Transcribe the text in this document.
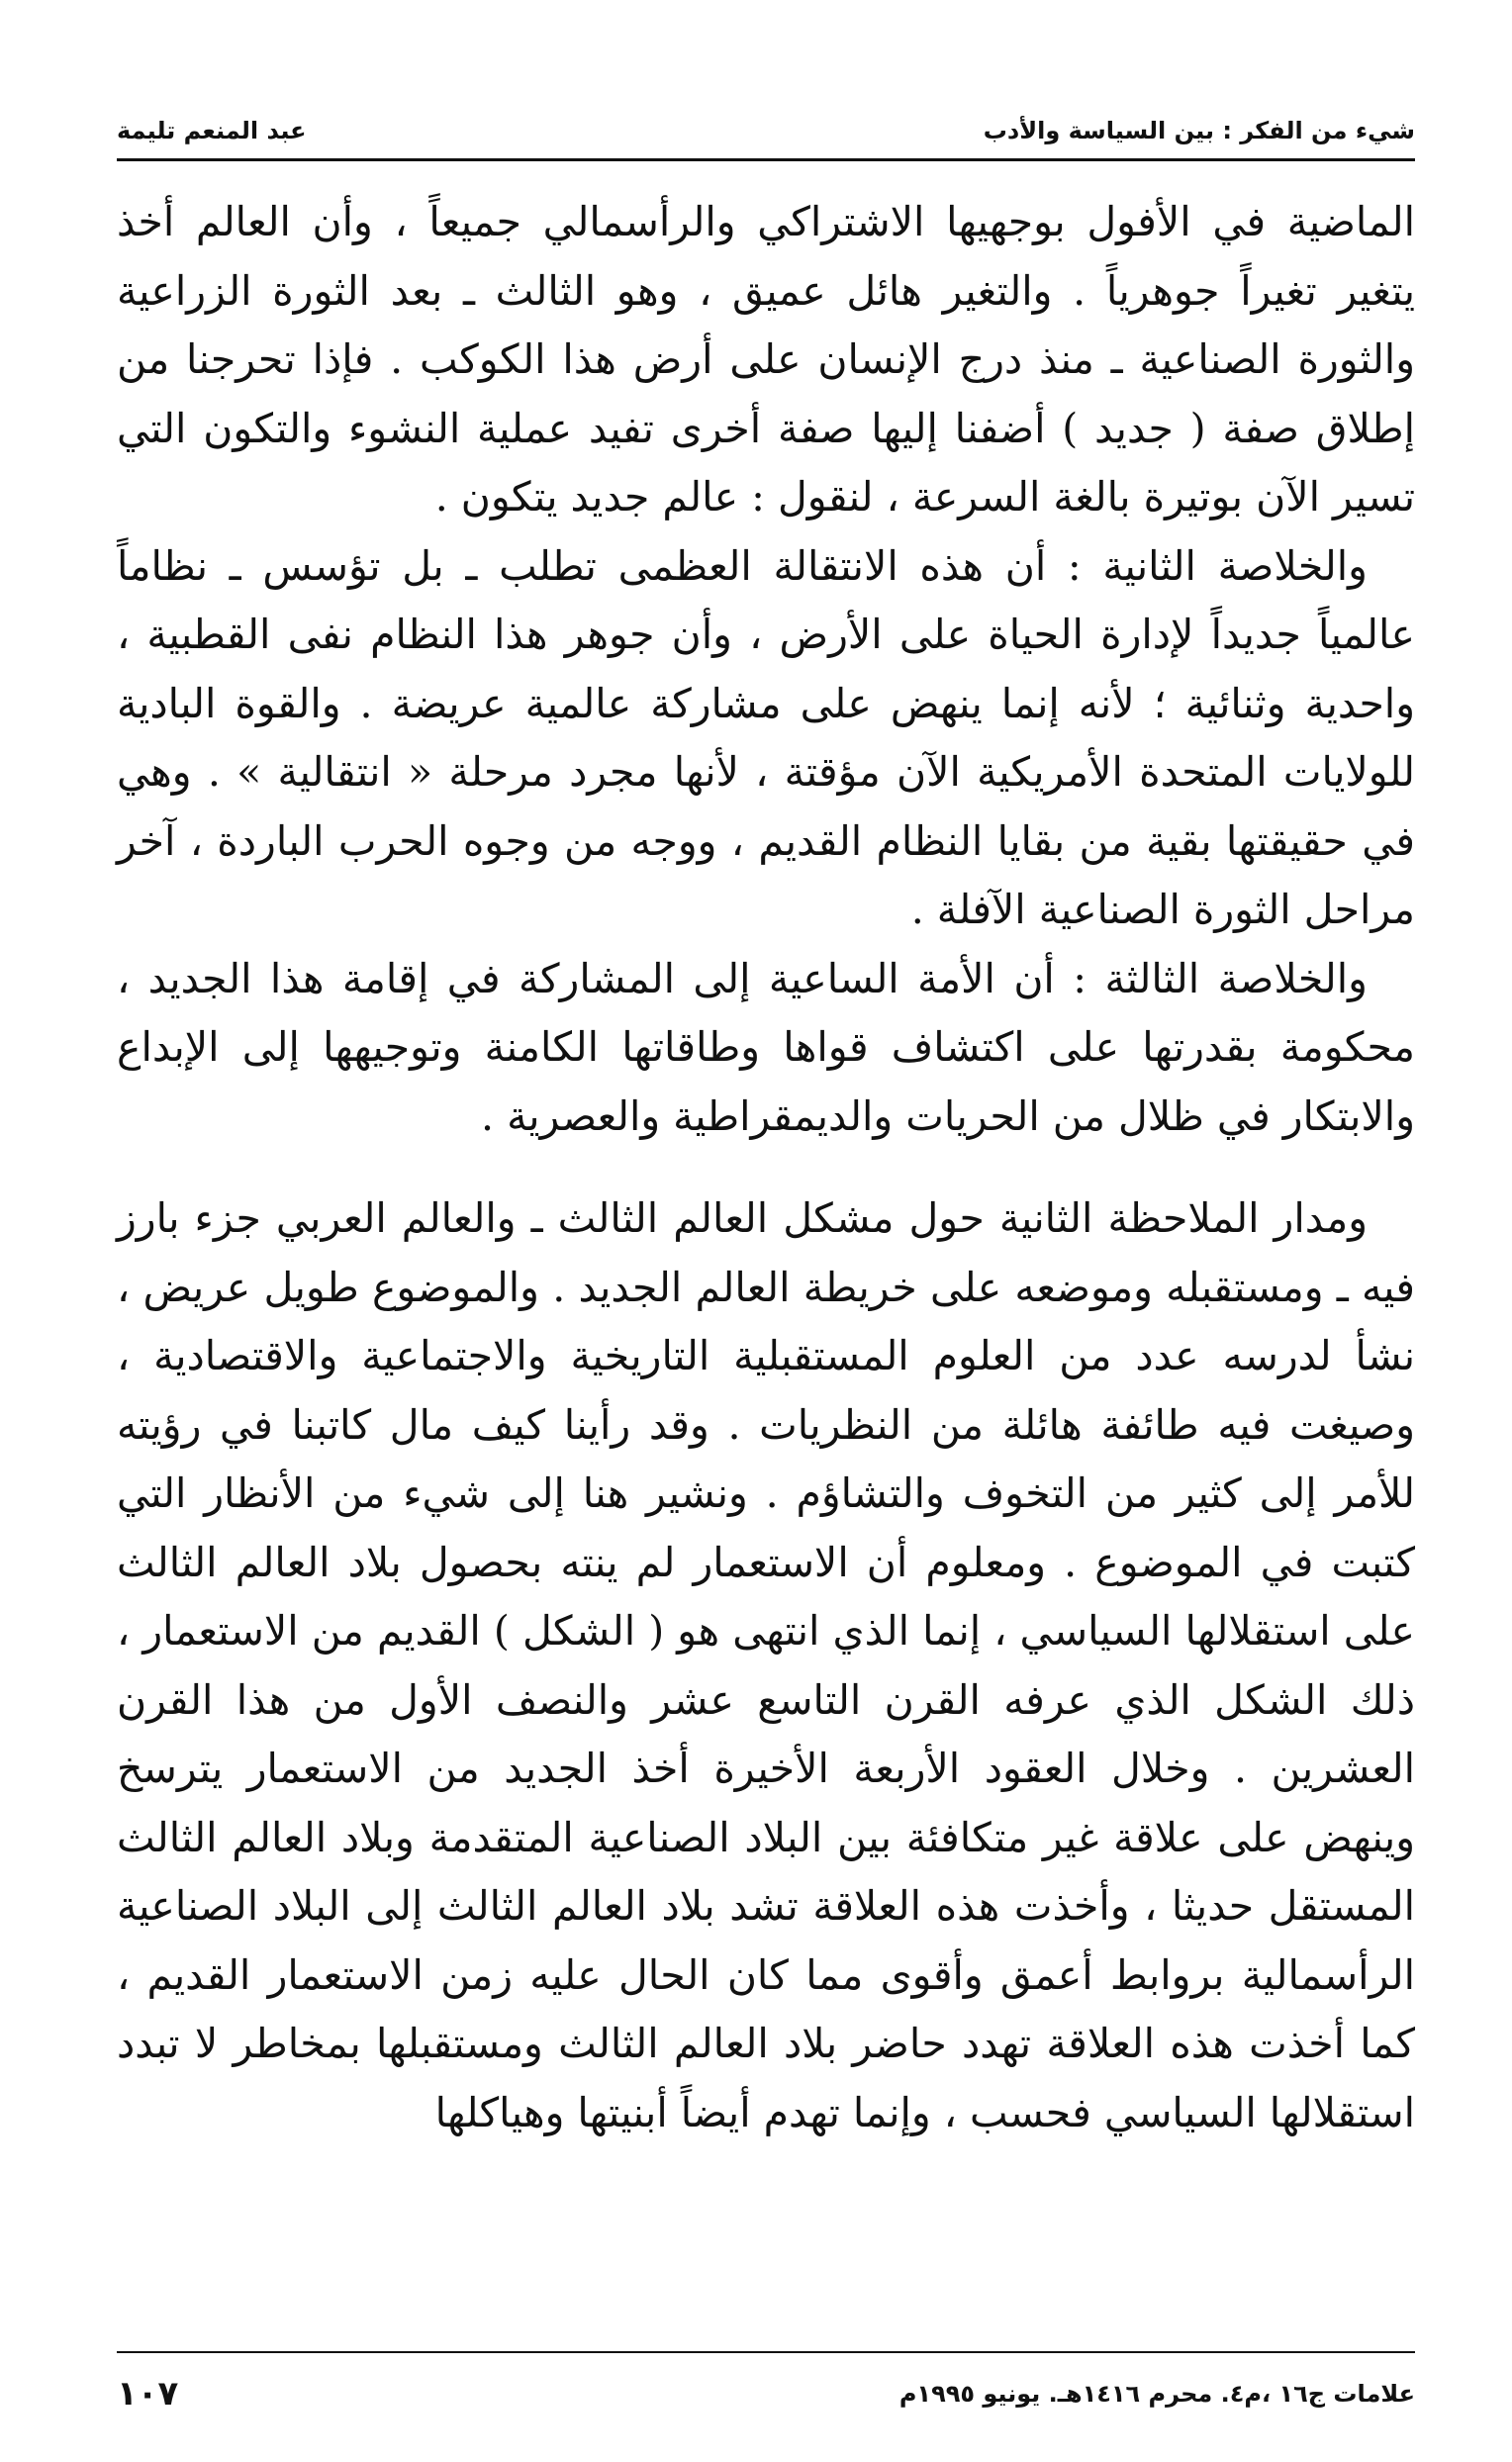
شيء من الفكر : بين السياسة والأدب
عبد المنعم تليمة

الماضية في الأفول بوجهيها الاشتراكي والرأسمالي جميعاً ، وأن العالم أخذ يتغير تغيراً جوهرياً . والتغير هائل عميق ، وهو الثالث ـ بعد الثورة الزراعية والثورة الصناعية ـ منذ درج الإنسان على أرض هذا الكوكب . فإذا تحرجنا من إطلاق صفة ( جديد ) أضفنا إليها صفة أخرى تفيد عملية النشوء والتكون التي تسير الآن بوتيرة بالغة السرعة ، لنقول : عالم جديد يتكون .

والخلاصة الثانية : أن هذه الانتقالة العظمى تطلب ـ بل تؤسس ـ نظاماً عالمياً جديداً لإدارة الحياة على الأرض ، وأن جوهر هذا النظام نفى القطبية ، واحدية وثنائية ؛ لأنه إنما ينهض على مشاركة عالمية عريضة . والقوة البادية للولايات المتحدة الأمريكية الآن مؤقتة ، لأنها مجرد مرحلة « انتقالية » . وهي في حقيقتها بقية من بقايا النظام القديم ، ووجه من وجوه الحرب الباردة ، آخر مراحل الثورة الصناعية الآفلة .

والخلاصة الثالثة : أن الأمة الساعية إلى المشاركة في إقامة هذا الجديد ، محكومة بقدرتها على اكتشاف قواها وطاقاتها الكامنة وتوجيهها إلى الإبداع والابتكار في ظلال من الحريات والديمقراطية والعصرية .

ومدار الملاحظة الثانية حول مشكل العالم الثالث ـ والعالم العربي جزء بارز فيه ـ ومستقبله وموضعه على خريطة العالم الجديد . والموضوع طويل عريض ، نشأ لدرسه عدد من العلوم المستقبلية التاريخية والاجتماعية والاقتصادية ، وصيغت فيه طائفة هائلة من النظريات . وقد رأينا كيف مال كاتبنا في رؤيته للأمر إلى كثير من التخوف والتشاؤم . ونشير هنا إلى شيء من الأنظار التي كتبت في الموضوع . ومعلوم أن الاستعمار لم ينته بحصول بلاد العالم الثالث على استقلالها السياسي ، إنما الذي انتهى هو ( الشكل ) القديم من الاستعمار ، ذلك الشكل الذي عرفه القرن التاسع عشر والنصف الأول من هذا القرن العشرين . وخلال العقود الأربعة الأخيرة أخذ الجديد من الاستعمار يترسخ وينهض على علاقة غير متكافئة بين البلاد الصناعية المتقدمة وبلاد العالم الثالث المستقل حديثا ، وأخذت هذه العلاقة تشد بلاد العالم الثالث إلى البلاد الصناعية الرأسمالية بروابط أعمق وأقوى مما كان الحال عليه زمن الاستعمار القديم ، كما أخذت هذه العلاقة تهدد حاضر بلاد العالم الثالث ومستقبلها بمخاطر لا تبدد استقلالها السياسي فحسب ، وإنما تهدم أيضاً أبنيتها وهياكلها

علامات ج١٦ ،م٤. محرم ١٤١٦هـ. يونيو ١٩٩٥م
١٠٧
